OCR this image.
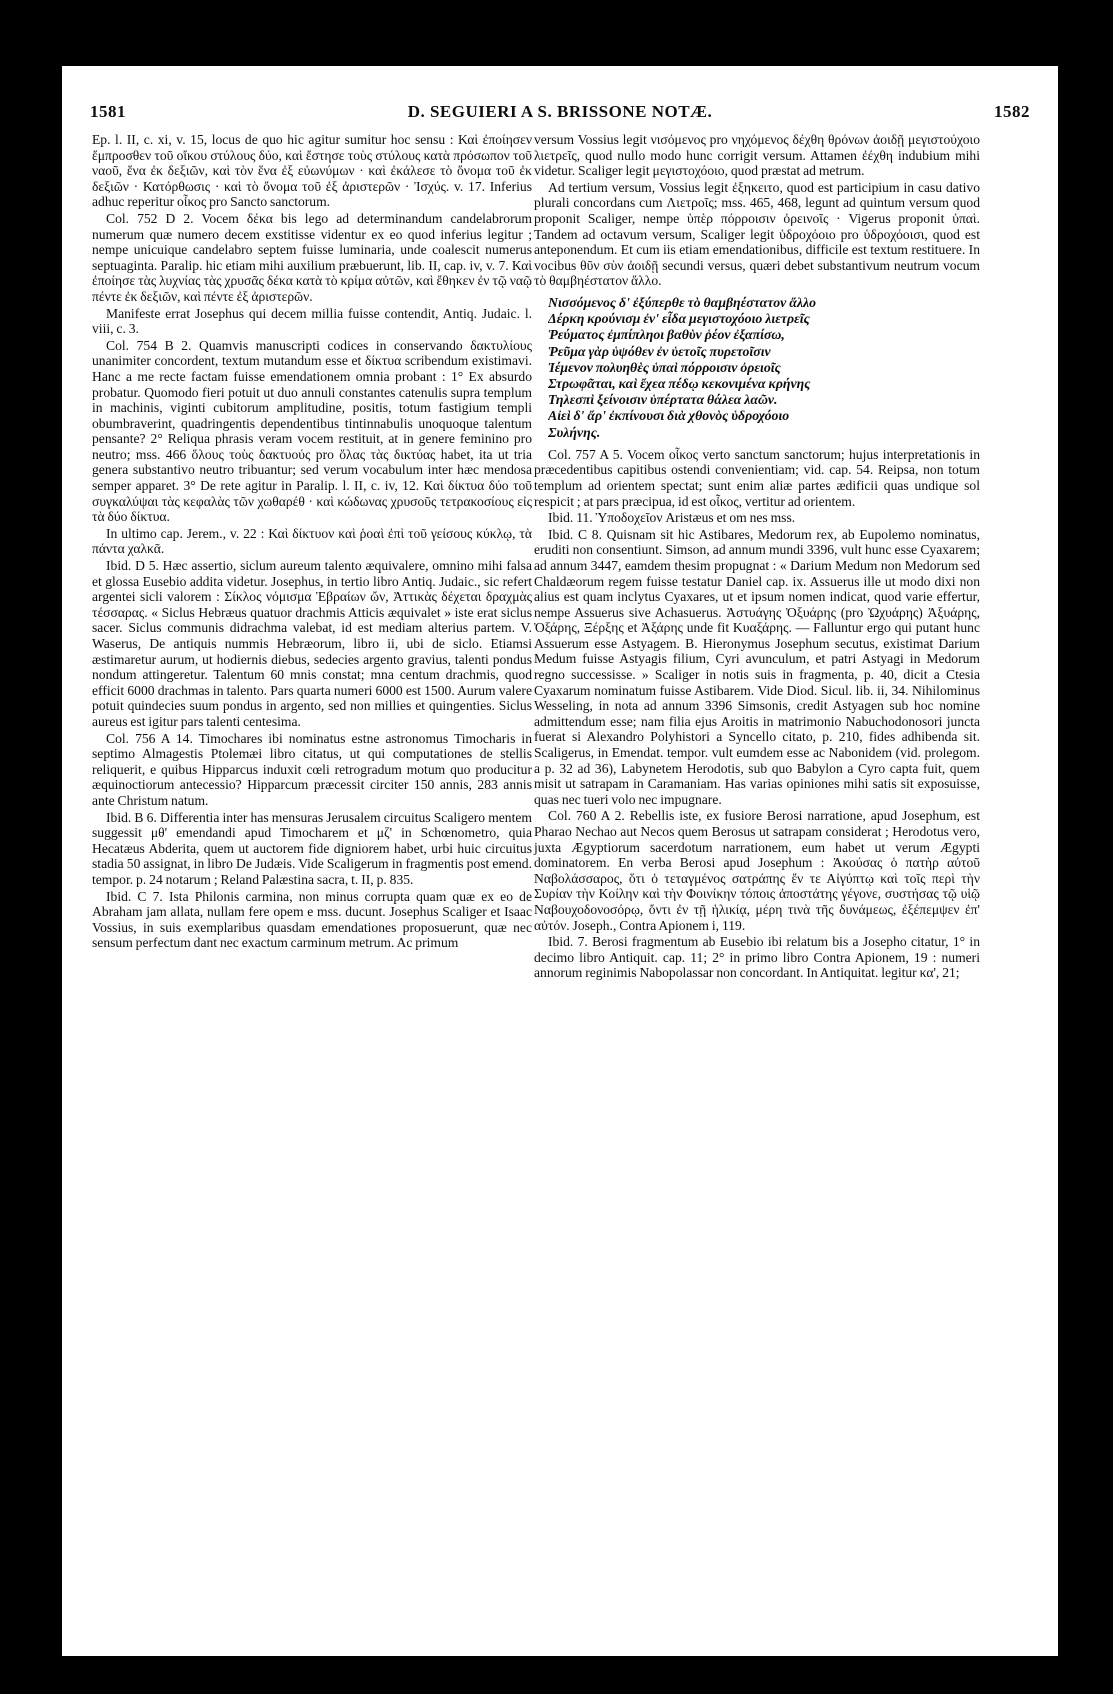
1581	D. SEGUIERI A S. BRISSONE NOTÆ.	1582

Ep. l. II, c. xi, v. 15, locus de quo hic agitur sumitur hoc sensu : Καὶ ἐποίησεν ἔμπροσθεν τοῦ οἴκου στύλους δύο, καὶ ἔστησε τοὺς στύλους κατὰ πρόσωπον τοῦ ναοῦ, ἕνα ἐκ δεξιῶν, καὶ τὸν ἕνα ἐξ εὐωνύμων · καὶ ἐκάλεσε τὸ ὄνομα τοῦ ἐκ δεξιῶν · Κατόρθωσις · καὶ τὸ ὄνομα τοῦ ἐξ ἀριστερῶν · Ἰσχύς. v. 17. Inferius adhuc reperitur οἶκος pro Sancto sanctorum.

Col. 752 D 2. Vocem δέκα bis lego ad determinandum candelabrorum numerum quæ numero decem exstitisse videntur ex eo quod inferius legitur ; nempe unicuique candelabro septem fuisse luminaria, unde coalescit numerus septuaginta. Paralip. hic etiam mihi auxilium præbuerunt, lib. II, cap. iv, v. 7. Καὶ ἐποίησε τὰς λυχνίας τὰς χρυσᾶς δέκα κατὰ τὸ κρίμα αὐτῶν, καὶ ἔθηκεν ἐν τῷ ναῷ πέντε ἐκ δεξιῶν, καὶ πέντε ἐξ ἀριστερῶν.

Manifeste errat Josephus qui decem millia fuisse contendit, Antiq. Judaic. l. viii, c. 3.

Col. 754 B 2. Quamvis manuscripti codices in conservando δακτυλίους unanimiter concordent, textum mutandum esse et δίκτυα scribendum existimavi. Hanc a me recte factam fuisse emendationem omnia probant : 1° Ex absurdo probatur. Quomodo fieri potuit ut duo annuli constantes catenulis supra templum in machinis, viginti cubitorum amplitudine, positis, totum fastigium templi obumbraverint, quadringentis dependentibus tintinnabulis unoquoque talentum pensante? 2° Reliqua phrasis veram vocem restituit, at in genere feminino pro neutro; mss. 466 ὅλους τοὺς δακτυούς pro ὅλας τὰς δικτύας habet, ita ut tria genera substantivo neutro tribuantur; sed verum vocabulum inter hæc mendosa semper apparet. 3° De rete agitur in Paralip. l. II, c. iv, 12. Καὶ δίκτυα δύο τοῦ συγκαλύψαι τὰς κεφαλὰς τῶν χωθαρέθ · καὶ κώδωνας χρυσοῦς τετρακοσίους εἰς τὰ δύο δίκτυα.

In ultimo cap. Jerem., v. 22 : Καὶ δίκτυον καὶ ῥοαὶ ἐπὶ τοῦ γείσους κύκλῳ, τὰ πάντα χαλκᾶ.

Ibid. D 5. Hæc assertio, siclum aureum talento æquivalere, omnino mihi falsa et glossa Eusebio addita videtur. Josephus, in tertio libro Antiq. Judaic., sic refert argentei sicli valorem : Σίκλος νόμισμα Ἑβραίων ὤν, Ἀττικὰς δέχεται δραχμὰς τέσσαρας. « Siclus Hebræus quatuor drachmis Atticis æquivalet » iste erat siclus sacer. Siclus communis didrachma valebat, id est mediam alterius partem. V. Waserus, De antiquis nummis Hebræorum, libro ii, ubi de siclo. Etiamsi æstimaretur aurum, ut hodiernis diebus, sedecies argento gravius, talenti pondus nondum attingeretur. Talentum 60 mnis constat; mna centum drachmis, quod efficit 6000 drachmas in talento. Pars quarta numeri 6000 est 1500. Aurum valere potuit quindecies suum pondus in argento, sed non millies et quingenties. Siclus aureus est igitur pars talenti centesima.

Col. 756 A 14. Timochares ibi nominatus estne astronomus Timocharis in septimo Almagestis Ptolemæi libro citatus, ut qui computationes de stellis reliquerit, e quibus Hipparcus induxit cœli retrogradum motum quo producitur æquinoctiorum antecessio? Hipparcum præcessit circiter 150 annis, 283 annis ante Christum natum.

Ibid. B 6. Differentia inter has mensuras Jerusalem circuitus Scaligero mentem suggessit μθ' emendandi apud Timocharem et μζ' in Schœnometro, quia Hecatæus Abderita, quem ut auctorem fide digniorem habet, urbi huic circuitus stadia 50 assignat, in libro De Judæis. Vide Scaligerum in fragmentis post emend. tempor. p. 24 notarum ; Reland Palæstina sacra, t. II, p. 835.

Ibid. C 7. Ista Philonis carmina, non minus corrupta quam quæ ex eo de Abraham jam allata, nullam fere opem e mss. ducunt. Josephus Scaliger et Isaac Vossius, in suis exemplaribus quasdam emendationes proposuerunt, quæ nec sensum perfectum dant nec exactum carminum metrum. Ac primum

versum Vossius legit νισόμενος pro νηχόμενος δέχθη θρόνων ἀοιδῇ μεγιστούχοιο λιετρεῖς, quod nullo modo hunc corrigit versum. Attamen ἐέχθη indubium mihi videtur. Scaliger legit μεγιστοχόοιο, quod præstat ad metrum.

Ad tertium versum, Vossius legit ἐξηκειτο, quod est participium in casu dativo plurali concordans cum Λιετροῖς; mss. 465, 468, legunt ad quintum versum quod proponit Scaliger, nempe ὑπὲρ πόρροισιν ὀρεινοῖς · Vigerus proponit ὑπαὶ. Tandem ad octavum versum, Scaliger legit ὑδροχόοιο pro ὑδροχόοισι, quod est anteponendum. Et cum iis etiam emendationibus, difficile est textum restituere. In vocibus θῦν σὺν ἀοιδῇ secundi versus, quæri debet substantivum neutrum vocum τὸ θαμβηέστατον ἄλλο.

Νισσόμενος δ' ἐξύπερθε τὸ θαμβηέστατον ἄλλο
Δέρκη κρούνισμ ἐν' εἶδα μεγιστοχόοιο λιετρεῖς
Ῥεύματος ἐμπίπληοι βαθὺν ῥέον ἐξαπίσω,
Ῥεῦμα γὰρ ὑψόθεν ἐν ὑετοῖς πυρετοῖσιν
Ἱέμενον πολυηθὲς ὑπαὶ πόρροισιν ὀρειοῖς
Στρωφᾶται, καὶ ἔχεα πέδῳ κεκονιμένα κρήνης
Τηλεσπὶ ξείνοισιν ὑπέρτατα θάλεα λαῶν.
Αἰεὶ δ' ἄρ' ἐκπίνουσι διὰ χθονὸς ὑδροχόοιο
Συλήνης.

Col. 757 A 5. Vocem οἶκος verto sanctum sanctorum; hujus interpretationis in præcedentibus capitibus ostendi convenientiam; vid. cap. 54. Reipsa, non totum templum ad orientem spectat; sunt enim aliæ partes ædificii quas undique sol respicit ; at pars præcipua, id est οἶκος, vertitur ad orientem.

Ibid. 11. Ὑποδοχεῖον Aristæus et om nes mss.

Ibid. C 8. Quisnam sit hic Astibares, Medorum rex, ab Eupolemo nominatus, eruditi non consentiunt. Simson, ad annum mundi 3396, vult hunc esse Cyaxarem; ad annum 3447, eamdem thesim propugnat : « Darium Medum non Medorum sed Chaldæorum regem fuisse testatur Daniel cap. ix. Assuerus ille ut modo dixi non alius est quam inclytus Cyaxares, ut et ipsum nomen indicat, quod varie effertur, nempe Assuerus sive Achasuerus. Ἀστυάγης Ὀξυάρης (pro Ὠχυάρης) Ἀξυάρης, Ὀξάρης, Ξέρξης et Ἀξάρης unde fit Κυαξάρης. — Falluntur ergo qui putant hunc Assuerum esse Astyagem. B. Hieronymus Josephum secutus, existimat Darium Medum fuisse Astyagis filium, Cyri avunculum, et patri Astyagi in Medorum regno successisse. » Scaliger in notis suis in fragmenta, p. 40, dicit a Ctesia Cyaxarum nominatum fuisse Astibarem. Vide Diod. Sicul. lib. ii, 34. Nihilominus Wesseling, in nota ad annum 3396 Simsonis, credit Astyagen sub hoc nomine admittendum esse; nam filia ejus Aroitis in matrimonio Nabuchodonosori juncta fuerat si Alexandro Polyhistori a Syncello citato, p. 210, fides adhibenda sit. Scaligerus, in Emendat. tempor. vult eumdem esse ac Nabonidem (vid. prolegom. a p. 32 ad 36), Labynetem Herodotis, sub quo Babylon a Cyro capta fuit, quem misit ut satrapam in Caramaniam. Has varias opiniones mihi satis sit exposuisse, quas nec tueri volo nec impugnare.

Col. 760 A 2. Rebellis iste, ex fusiore Berosi narratione, apud Josephum, est Pharao Nechao aut Necos quem Berosus ut satrapam considerat ; Herodotus vero, juxta Ægyptiorum sacerdotum narrationem, eum habet ut verum Ægypti dominatorem. En verba Berosi apud Josephum : Ἀκούσας ὁ πατὴρ αὐτοῦ Ναβολάσσαρος, ὅτι ὁ τεταγμένος σατράπης ἔν τε Αἰγύπτῳ καὶ τοῖς περὶ τὴν Συρίαν τὴν Κοίλην καὶ τὴν Φοινίκην τόποις ἀποστάτης γέγονε, συστήσας τῷ υἱῷ Ναβουχοδονοσόρῳ, ὄντι ἐν τῇ ἡλικίᾳ, μέρη τινὰ τῆς δυνάμεως, ἐξέπεμψεν ἐπ' αὐτόν. Joseph., Contra Apionem i, 119.

Ibid. 7. Berosi fragmentum ab Eusebio ibi relatum bis a Josepho citatur, 1° in decimo libro Antiquit. cap. 11; 2° in primo libro Contra Apionem, 19 : numeri annorum reginimis Nabopolassar non concordant. In Antiquitat. legitur κα', 21;
